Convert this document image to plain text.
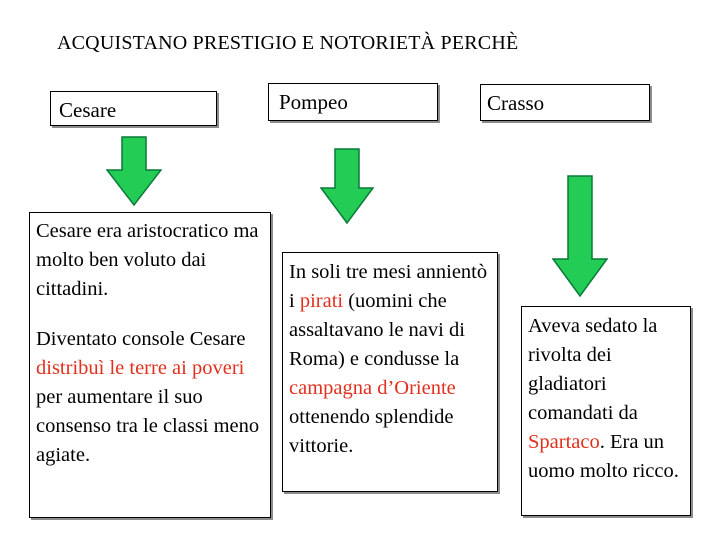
ACQUISTANO PRESTIGIO E NOTORIETÀ PERCHÈ
Cesare	Pompeo	Crasso

Cesare era aristocratico ma molto ben voluto dai cittadini.

Diventato console Cesare distribuì le terre ai poveri per aumentare il suo consenso tra le classi meno agiate.

In soli tre mesi annientò i pirati (uomini che assaltavano le navi di Roma) e condusse la campagna d’Oriente ottenendo splendide vittorie.

Aveva sedato la rivolta dei gladiatori comandati da Spartaco. Era un uomo molto ricco.
